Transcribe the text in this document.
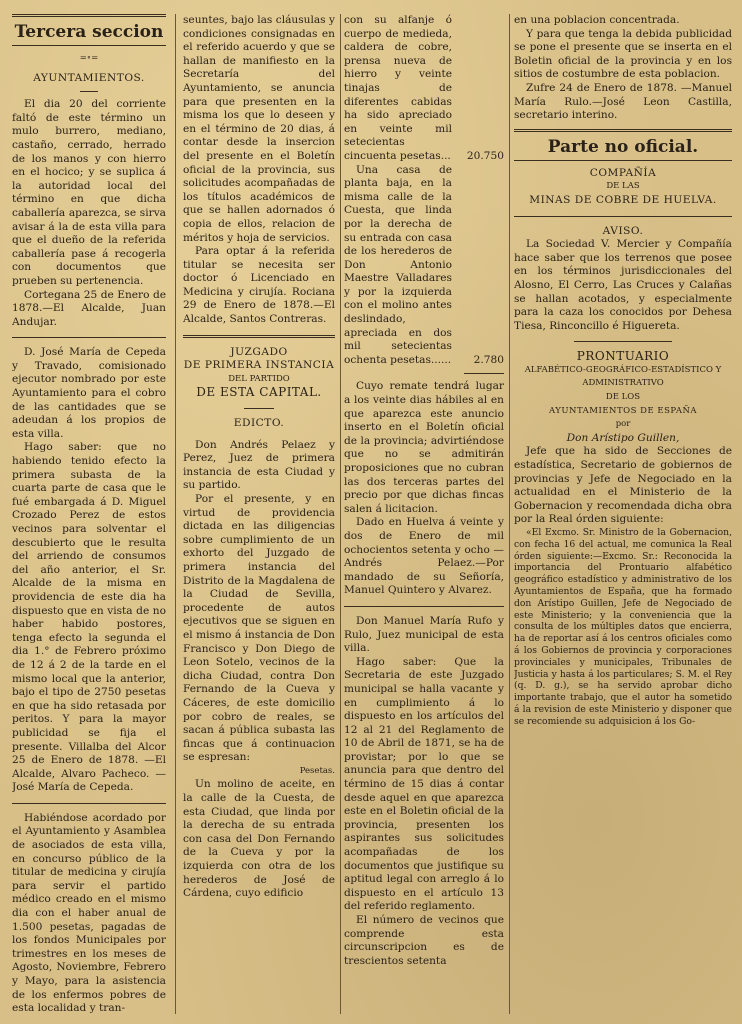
Tercera seccion

=∘=

AYUNTAMIENTOS.

El dia 20 del corriente faltó de este término un mulo burrero, mediano, castaño, cerrado, herrado de los manos y con hierro en el hocico; y se suplica á la autoridad local del término en que dicha caballería aparezca, se sirva avisar á la de esta villa para que el dueño de la referida caballería pase á recogerla con documentos que prueben su pertenencia.

Cortegana 25 de Enero de 1878.—El Alcalde, Juan Andujar.

D. José María de Cepeda y Travado, comisionado ejecutor nombrado por este Ayuntamiento para el cobro de las cantidades que se adeudan á los propios de esta villa.

Hago saber: que no habiendo tenido efecto la primera subasta de la cuarta parte de casa que le fué embargada á D. Miguel Crozado Perez de estos vecinos para solventar el descubierto que le resulta del arriendo de consumos del año anterior, el Sr. Alcalde de la misma en providencia de este dia ha dispuesto que en vista de no haber habido postores, tenga efecto la segunda el dia 1.° de Febrero próximo de 12 á 2 de la tarde en el mismo local que la anterior, bajo el tipo de 2750 pesetas en que ha sido retasada por peritos. Y para la mayor publicidad se fija el presente. Villalba del Alcor 25 de Enero de 1878. —El Alcalde, Alvaro Pacheco. —José María de Cepeda.

Habiéndose acordado por el Ayuntamiento y Asamblea de asociados de esta villa, en concurso público de la titular de medicina y cirujía para servir el partido médico creado en el mismo dia con el haber anual de 1.500 pesetas, pagadas de los fondos Municipales por trimestres en los meses de Agosto, Noviembre, Febrero y Mayo, para la asistencia de los enfermos pobres de esta localidad y tran-

seuntes, bajo las cláusulas y condiciones consignadas en el referido acuerdo y que se hallan de manifiesto en la Secretaría del Ayuntamiento, se anuncia para que presenten en la misma los que lo deseen y en el término de 20 dias, á contar desde la insercion del presente en el Boletín oficial de la provincia, sus solicitudes acompañadas de los títulos académicos de que se hallen adornados ó copia de ellos, relacion de méritos y hoja de servicios.

Para optar á la referida titular se necesita ser doctor ó Licenciado en Medicina y cirujía. Rociana 29 de Enero de 1878.—El Alcalde, Santos Contreras.

JUZGADO

DE PRIMERA INSTANCIA

DEL PARTIDO

DE ESTA CAPITAL.

EDICTO.

Don Andrés Pelaez y Perez, Juez de primera instancia de esta Ciudad y su partido.

Por el presente, y en virtud de providencia dictada en las diligencias sobre cumplimiento de un exhorto del Juzgado de primera instancia del Distrito de la Magdalena de la Ciudad de Sevilla, procedente de autos ejecutivos que se siguen en el mismo á instancia de Don Francisco y Don Diego de Leon Sotelo, vecinos de la dicha Ciudad, contra Don Fernando de la Cueva y Cáceres, de este domicilio por cobro de reales, se sacan á pública subasta las fincas que á continuacion se espresan:

Pesetas.

Un molino de aceite, en la calle de la Cuesta, de esta Ciudad, que linda por la derecha de su entrada con casa del Don Fernando de la Cueva y por la izquierda con otra de los herederos de José de Cárdena, cuyo edificio

con su alfanje ó cuerpo de medieda, caldera de cobre, prensa nueva de hierro y veinte tinajas de diferentes cabidas ha sido apreciado en veinte mil setecientas cincuenta pesetas... 20.750
Una casa de planta baja, en la misma calle de la Cuesta, que linda por la derecha de su entrada con casa de los herederos de Don Antonio Maestre Valladares y por la izquierda con el molino antes deslindado, apreciada en dos mil setecientas ochenta pesetas...... 2.780

Cuyo remate tendrá lugar a los veinte dias hábiles al en que aparezca este anuncio inserto en el Boletín oficial de la provincia; advirtiéndose que no se admitirán proposiciones que no cubran las dos terceras partes del precio por que dichas fincas salen á licitacion.

Dado en Huelva á veinte y dos de Enero de mil ochocientos setenta y ocho —Andrés Pelaez.—Por mandado de su Señoría, Manuel Quintero y Alvarez.

Don Manuel María Rufo y Rulo, Juez municipal de esta villa.

Hago saber: Que la Secretaria de este Juzgado municipal se halla vacante y en cumplimiento á lo dispuesto en los artículos del 12 al 21 del Reglamento de 10 de Abril de 1871, se ha de provistar; por lo que se anuncia para que dentro del término de 15 dias á contar desde aquel en que aparezca este en el Boletin oficial de la provincia, presenten los aspirantes sus solicitudes acompañadas de los documentos que justifique su aptitud legal con arreglo á lo dispuesto en el artículo 13 del referido reglamento.

El número de vecinos que comprende esta circunscripcion es de trescientos setenta

en una poblacion concentrada.

Y para que tenga la debida publicidad se pone el presente que se inserta en el Boletin oficial de la provincia y en los sitios de costumbre de esta poblacion.

Zufre 24 de Enero de 1878. —Manuel María Rulo.—José Leon Castilla, secretario interino.

Parte no oficial.

COMPAÑÍA

DE LAS

MINAS DE COBRE DE HUELVA.

AVISO.

La Sociedad V. Mercier y Compañía hace saber que los terrenos que posee en los términos jurisdiccionales del Alosno, El Cerro, Las Cruces y Calañas se hallan acotados, y especialmente para la caza los conocidos por Dehesa Tiesa, Rinconcillo é Higuereta.

PRONTUARIO

ALFABÉTICO-GEOGRÁFICO-ESTADÍSTICO Y ADMINISTRATIVO

DE LOS

AYUNTAMIENTOS DE ESPAÑA

por

Don Arístipo Guillen,

Jefe que ha sido de Secciones de estadística, Secretario de gobiernos de provincias y Jefe de Negociado en la actualidad en el Ministerio de la Gobernacion y recomendada dicha obra por la Real órden siguiente:

«El Excmo. Sr. Ministro de la Gobernacion, con fecha 16 del actual, me comunica la Real órden siguiente:—Excmo. Sr.: Reconocida la importancia del Prontuario alfabético geográfico estadístico y administrativo de los Ayuntamientos de España, que ha formado don Arístipo Guillen, Jefe de Negociado de este Ministerio; y la conveniencia que la consulta de los múltiples datos que encierra, ha de reportar así á los centros oficiales como á los Gobiernos de provincia y corporaciones provinciales y municipales, Tribunales de Justicia y hasta á los particulares; S. M. el Rey (q. D. g.), se ha servido aprobar dicho importante trabajo, que el autor ha sometido á la revision de este Ministerio y disponer que se recomiende su adquisicion á los Go-
